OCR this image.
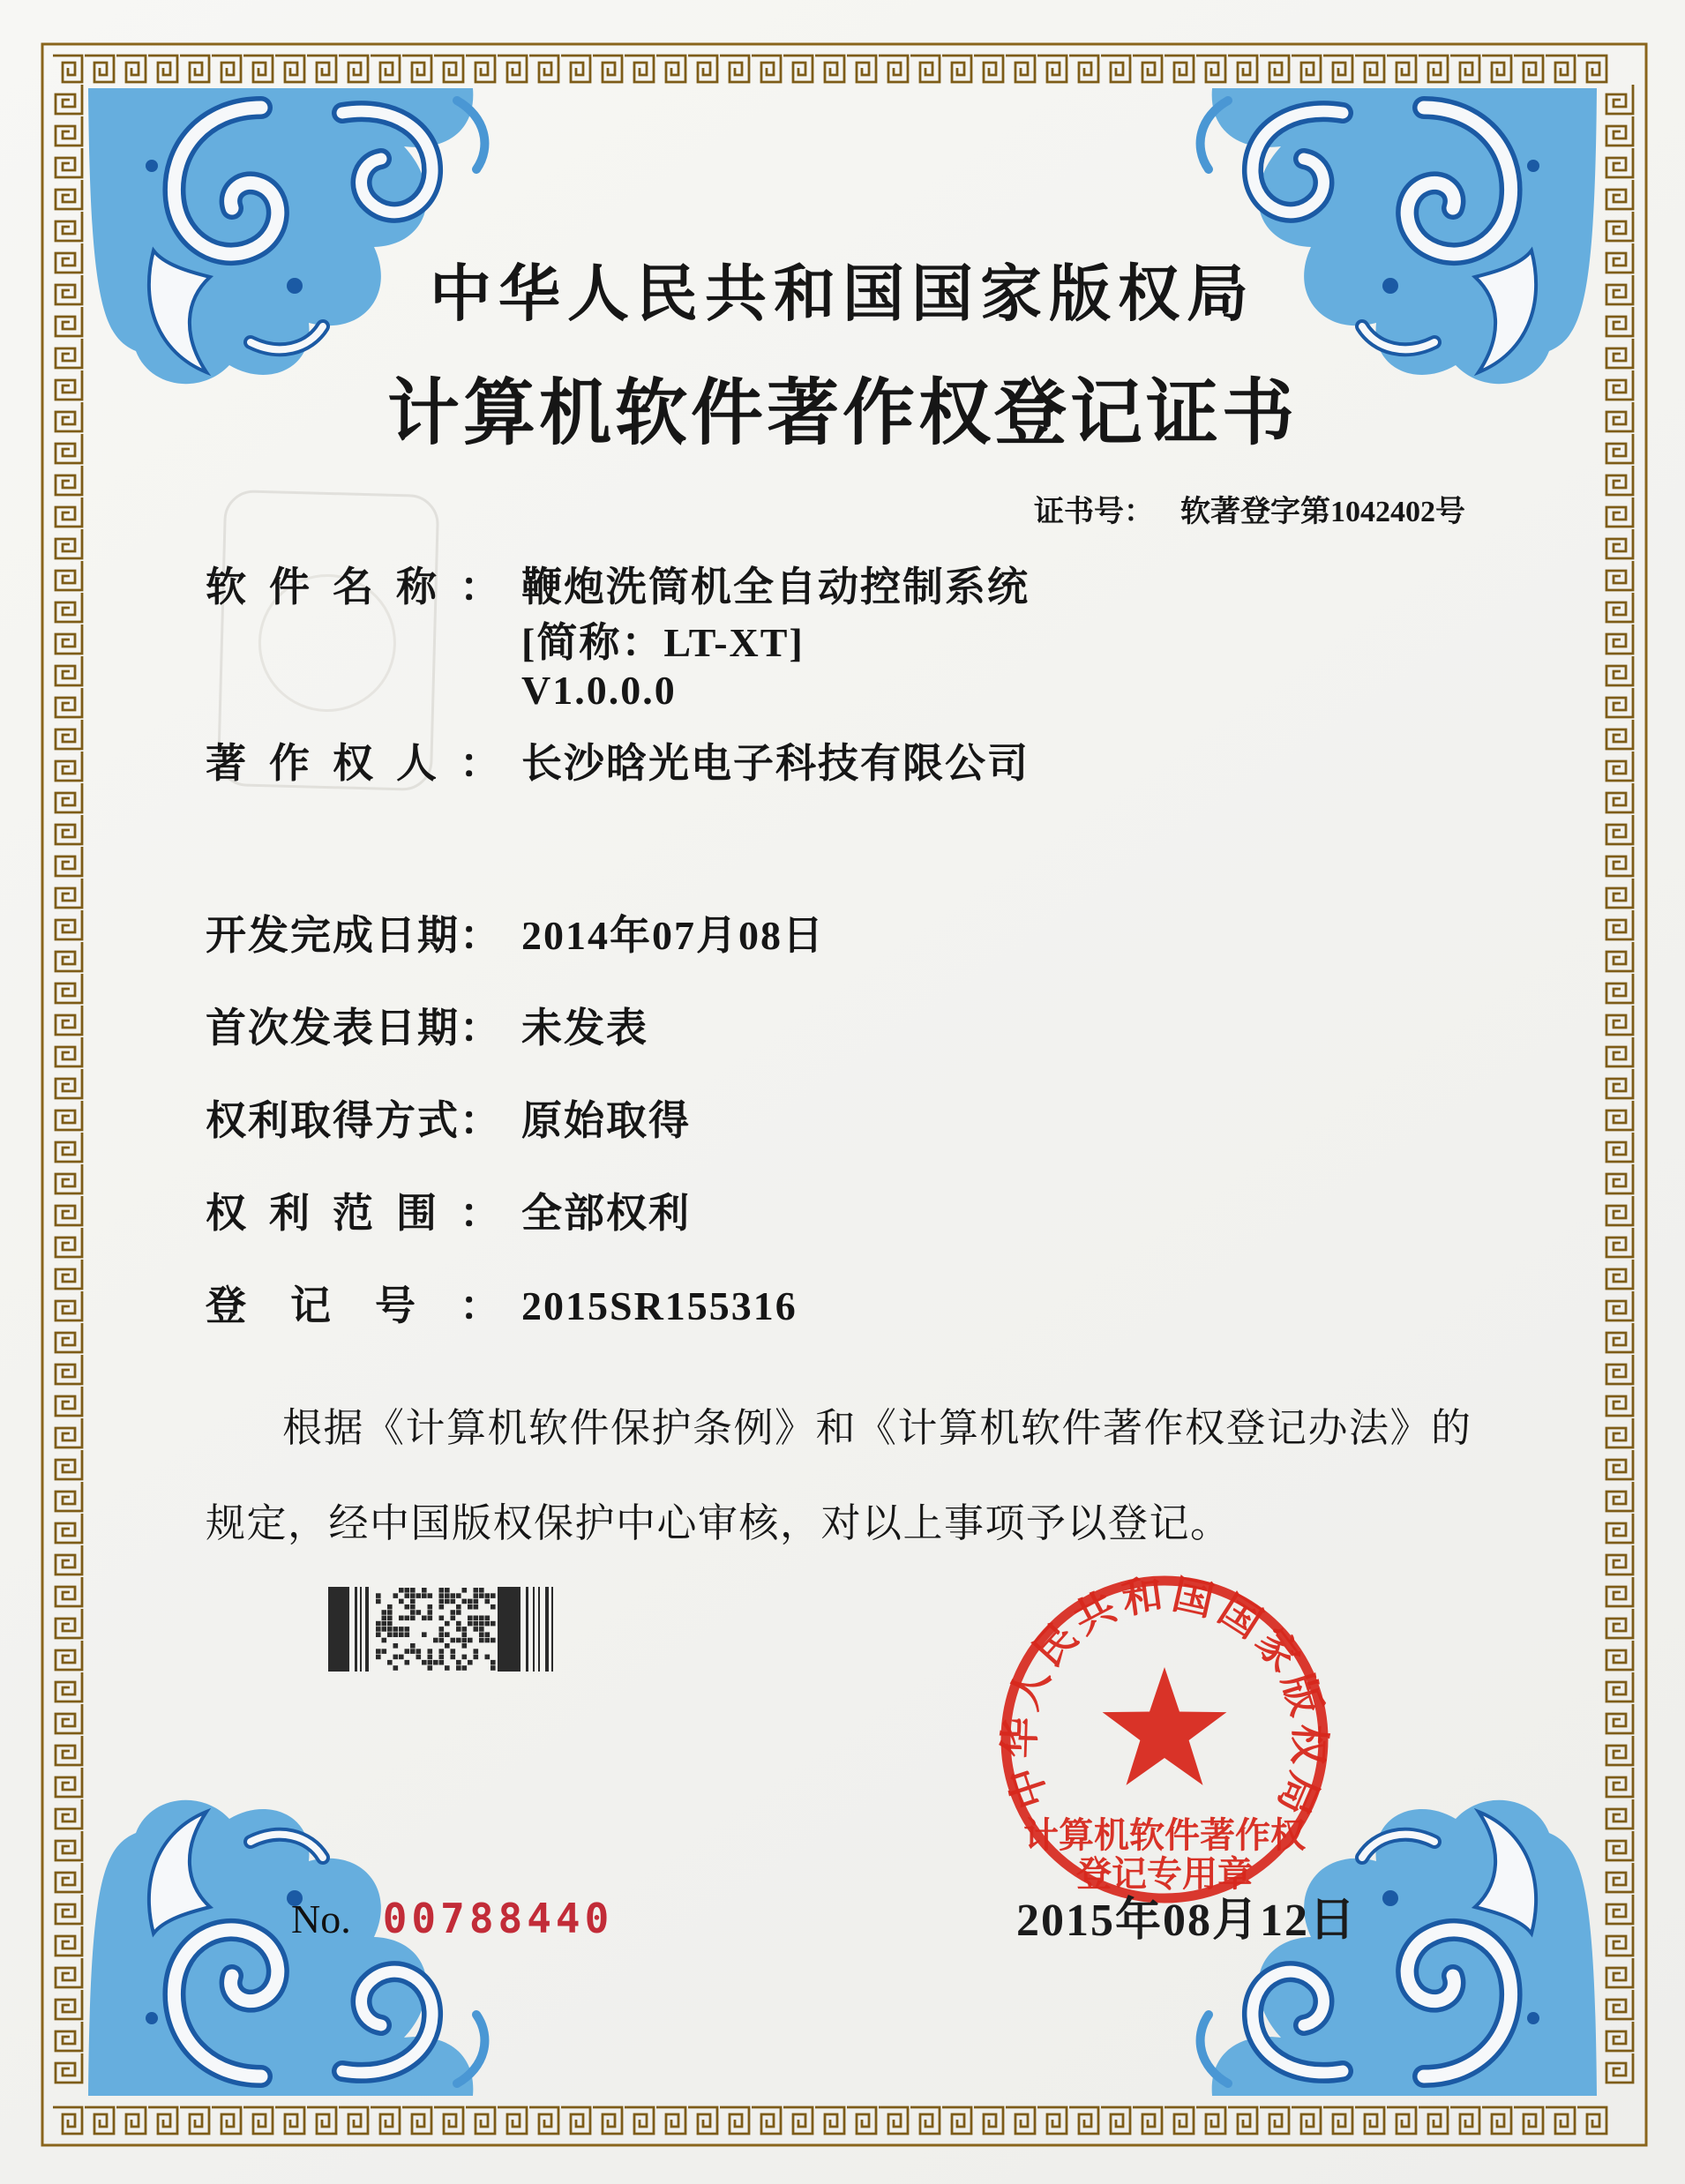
中华人民共和国国家版权局
计算机软件著作权登记证书
证书号： 软著登字第1042402号
软件名称： 鞭炮洗筒机全自动控制系统
[简称：LT-XT]
V1.0.0.0
著作权人： 长沙晗光电子科技有限公司
开发完成日期： 2014年07月08日
首次发表日期： 未发表
权利取得方式： 原始取得
权利范围： 全部权利
登记号： 2015SR155316
根据《计算机软件保护条例》和《计算机软件著作权登记办法》的
规定，经中国版权保护中心审核，对以上事项予以登记。
中华人民共和国国家版权局
计算机软件著作权
登记专用章
2015年08月12日
No. 00788440
